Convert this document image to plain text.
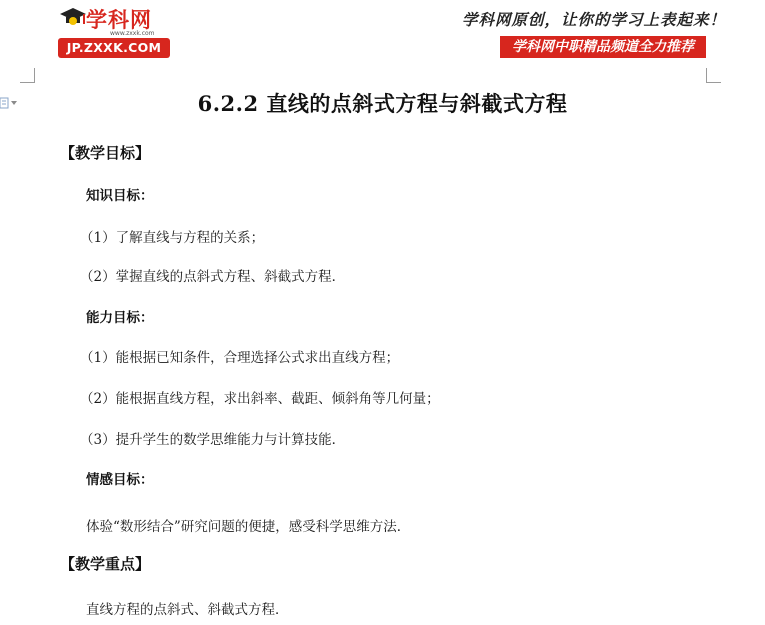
学科网
www.zxxk.com
JP.ZXXK.COM
学科网原创，让你的学习上表起来！
学科网中职精品频道全力推荐
6.2.2 直线的点斜式方程与斜截式方程
【教学目标】
知识目标：
（1）了解直线与方程的关系；
（2）掌握直线的点斜式方程、斜截式方程．
能力目标：
（1）能根据已知条件，合理选择公式求出直线方程；
（2）能根据直线方程，求出斜率、截距、倾斜角等几何量；
（3）提升学生的数学思维能力与计算技能．
情感目标：
体验“数形结合”研究问题的便捷，感受科学思维方法．
【教学重点】
直线方程的点斜式、斜截式方程．
